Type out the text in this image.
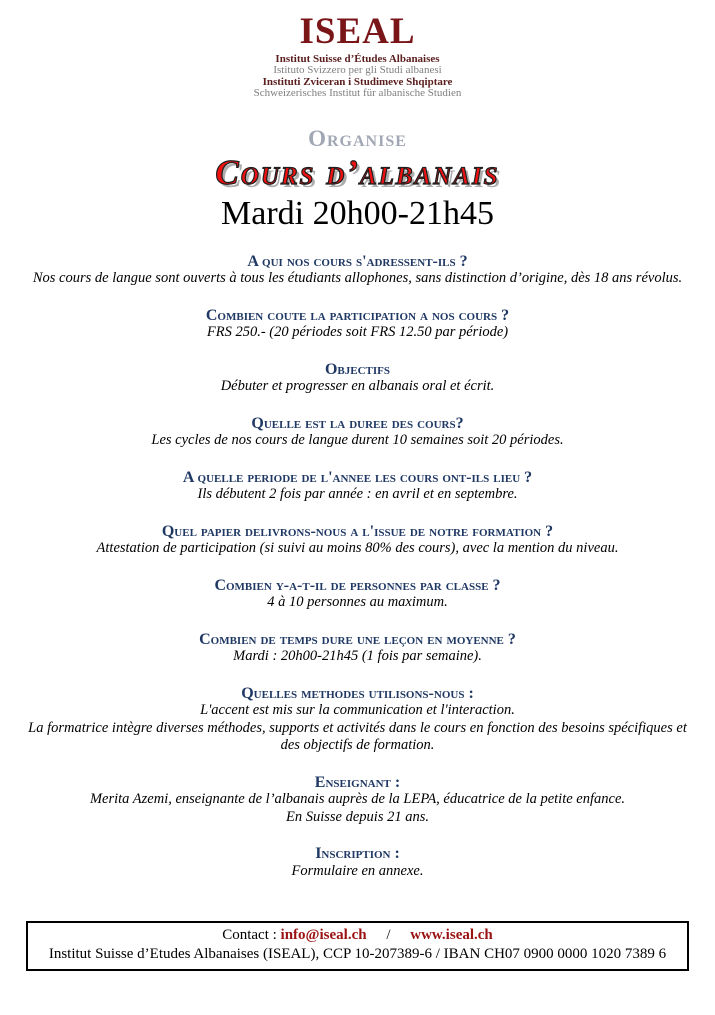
ISEAL
Institut Suisse d’Études Albanaises
Istituto Svizzero per gli Studi albanesi
Instituti Zviceran i Studimeve Shqiptare
Schweizerisches Institut für albanische Studien
Organise
Cours d’albanais
Mardi 20h00-21h45
A qui nos cours s'adressent-ils ?
Nos cours de langue sont ouverts à tous les étudiants allophones, sans distinction d’origine, dès 18 ans révolus.
Combien coute la participation a nos cours ?
FRS 250.- (20 périodes soit FRS 12.50 par période)
Objectifs
Débuter et progresser en albanais oral et écrit.
Quelle est la duree des cours?
Les cycles de nos cours de langue durent 10 semaines soit 20 périodes.
A quelle periode de l'annee les cours ont-ils lieu ?
Ils débutent 2 fois par année : en avril et en septembre.
Quel papier delivrons-nous a l'issue de notre formation ?
Attestation de participation (si suivi au moins 80% des cours), avec la mention du niveau.
Combien y-a-t-il de personnes par classe ?
4 à 10 personnes au maximum.
Combien de temps dure une leçon en moyenne ?
Mardi : 20h00-21h45 (1 fois par semaine).
Quelles methodes utilisons-nous :
L'accent est mis sur la communication et l'interaction.
La formatrice intègre diverses méthodes, supports et activités dans le cours en fonction des besoins spécifiques et des objectifs de formation.
Enseignant :
Merita Azemi, enseignante de l’albanais auprès de la LEPA, éducatrice de la petite enfance.
En Suisse depuis 21 ans.
Inscription :
Formulaire en annexe.
Contact : info@iseal.ch / www.iseal.ch
Institut Suisse d’Etudes Albanaises (ISEAL), CCP 10-207389-6 / IBAN CH07 0900 0000 1020 7389 6
